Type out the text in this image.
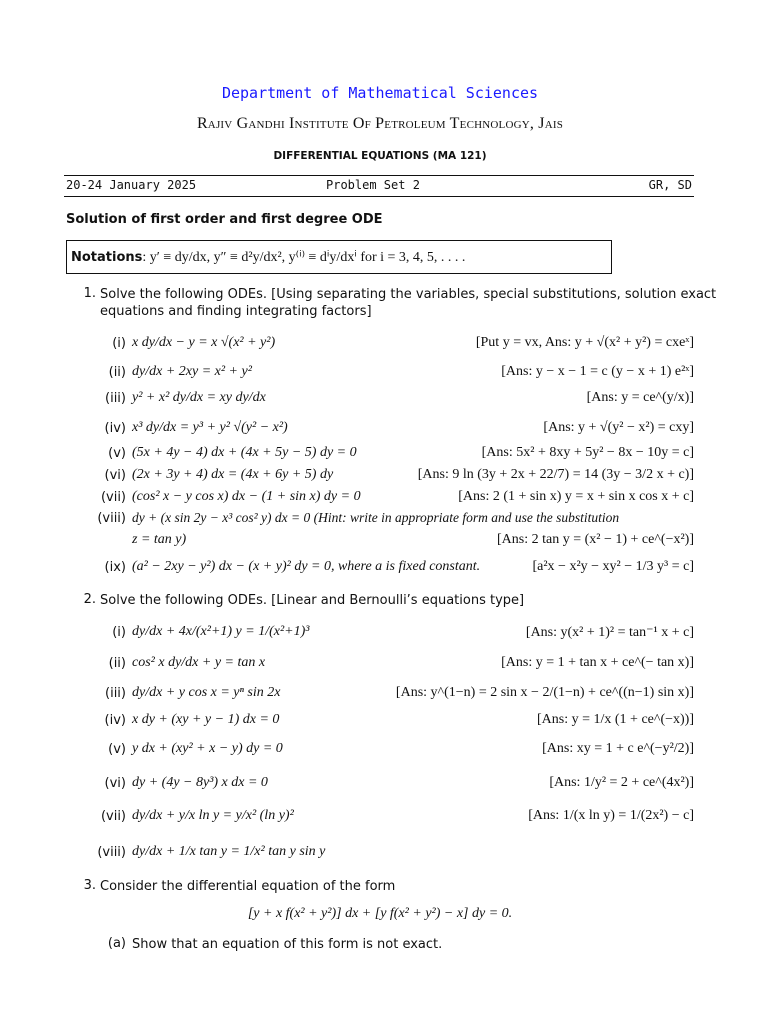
Department of Mathematical Sciences
Rajiv Gandhi Institute Of Petroleum Technology, Jais
DIFFERENTIAL EQUATIONS (MA 121)
20-24 January 2025	Problem Set 2	GR, SD
Solution of first order and first degree ODE
Notations: y′ ≡ dy/dx, y″ ≡ d²y/dx², y⁽ⁱ⁾ ≡ dⁱy/dxⁱ for i = 3, 4, 5, . . . .
1. Solve the following ODEs. [Using separating the variables, special substitutions, solution exact
equations and finding integrating factors]
(i) x dy/dx − y = x √(x² + y²)	[Put y = vx, Ans: y + √(x² + y²) = cxeˣ]
(ii) dy/dx + 2xy = x² + y²	[Ans: y − x − 1 = c (y − x + 1) e²ˣ]
(iii) y² + x² dy/dx = xy dy/dx	[Ans: y = ce^(y/x)]
(iv) x³ dy/dx = y³ + y² √(y² − x²)	[Ans: y + √(y² − x²) = cxy]
(v) (5x + 4y − 4) dx + (4x + 5y − 5) dy = 0	[Ans: 5x² + 8xy + 5y² − 8x − 10y = c]
(vi) (2x + 3y + 4) dx = (4x + 6y + 5) dy	[Ans: 9 ln (3y + 2x + 22/7) = 14 (3y − 3/2 x + c)]
(vii) (cos² x − y cos x) dx − (1 + sin x) dy = 0	[Ans: 2 (1 + sin x) y = x + sin x cos x + c]
(viii) dy + (x sin 2y − x³ cos² y) dx = 0 (Hint: write in appropriate form and use the substitution
z = tan y)	[Ans: 2 tan y = (x² − 1) + ce^(−x²)]
(ix) (a² − 2xy − y²) dx − (x + y)² dy = 0, where a is fixed constant.	[a²x − x²y − xy² − 1/3 y³ = c]
2. Solve the following ODEs. [Linear and Bernoulli’s equations type]
(i) dy/dx + 4x/(x²+1) y = 1/(x²+1)³	[Ans: y(x² + 1)² = tan⁻¹ x + c]
(ii) cos² x dy/dx + y = tan x	[Ans: y = 1 + tan x + ce^(− tan x)]
(iii) dy/dx + y cos x = yⁿ sin 2x	[Ans: y^(1−n) = 2 sin x − 2/(1−n) + ce^((n−1) sin x)]
(iv) x dy + (xy + y − 1) dx = 0	[Ans: y = 1/x (1 + ce^(−x))]
(v) y dx + (xy² + x − y) dy = 0	[Ans: xy = 1 + c e^(−y²/2)]
(vi) dy + (4y − 8y³) x dx = 0	[Ans: 1/y² = 2 + ce^(4x²)]
(vii) dy/dx + y/x ln y = y/x² (ln y)²	[Ans: 1/(x ln y) = 1/(2x²) − c]
(viii) dy/dx + 1/x tan y = 1/x² tan y sin y
3. Consider the differential equation of the form
[y + x f(x² + y²)] dx + [y f(x² + y²) − x] dy = 0.
(a) Show that an equation of this form is not exact.
